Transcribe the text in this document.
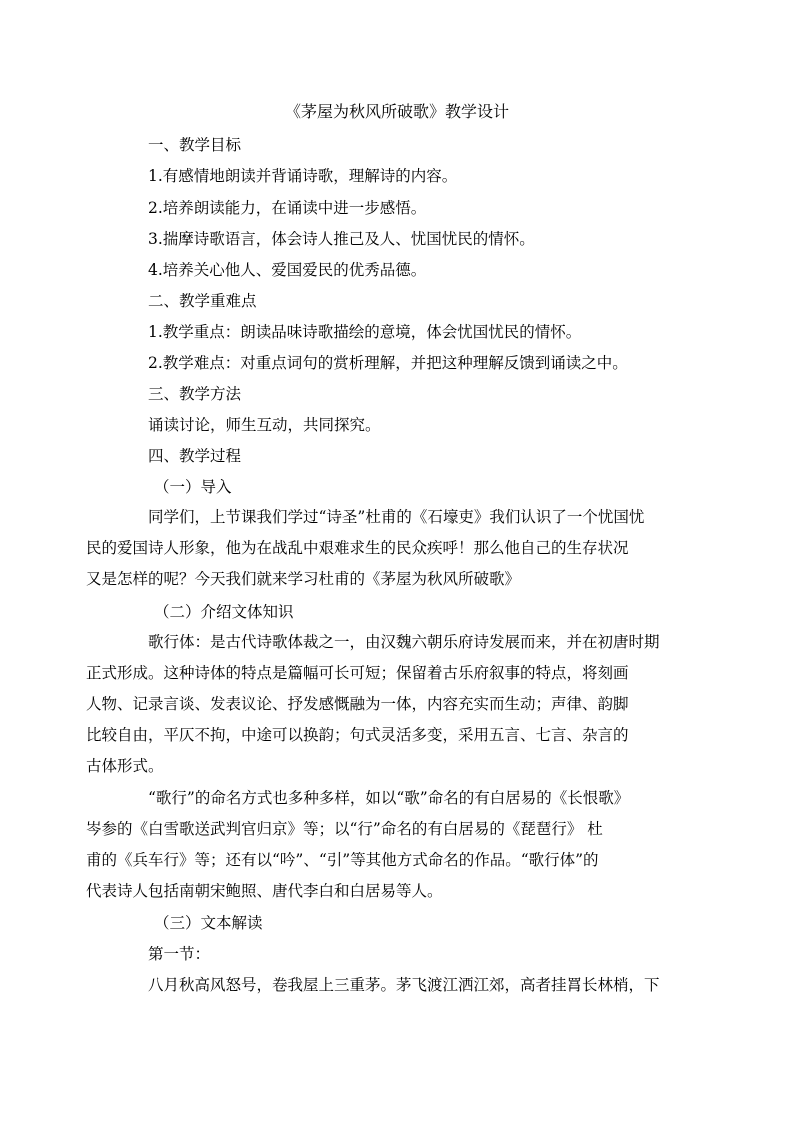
《茅屋为秋风所破歌》教学设计
一、教学目标
1.有感情地朗读并背诵诗歌，理解诗的内容。
2.培养朗读能力，在诵读中进一步感悟。
3.揣摩诗歌语言，体会诗人推己及人、忧国忧民的情怀。
4.培养关心他人、爱国爱民的优秀品德。
二、教学重难点
1.教学重点：朗读品味诗歌描绘的意境，体会忧国忧民的情怀。
2.教学难点：对重点词句的赏析理解，并把这种理解反馈到诵读之中。
三、教学方法
诵读讨论，师生互动，共同探究。
四、教学过程
（一）导入
同学们，上节课我们学过“诗圣”杜甫的《石壕吏》我们认识了一个忧国忧
民的爱国诗人形象，他为在战乱中艰难求生的民众疾呼！那么他自己的生存状况
又是怎样的呢？今天我们就来学习杜甫的《茅屋为秋风所破歌》
（二）介绍文体知识
歌行体：是古代诗歌体裁之一，由汉魏六朝乐府诗发展而来，并在初唐时期
正式形成。这种诗体的特点是篇幅可长可短；保留着古乐府叙事的特点，将刻画
人物、记录言谈、发表议论、抒发感慨融为一体，内容充实而生动；声律、韵脚
比较自由，平仄不拘，中途可以换韵；句式灵活多变，采用五言、七言、杂言的
古体形式。
“歌行”的命名方式也多种多样，如以“歌”命名的有白居易的《长恨歌》
岑参的《白雪歌送武判官归京》等；以“行”命名的有白居易的《琵琶行》 杜
甫的《兵车行》等；还有以“吟”、“引”等其他方式命名的作品。“歌行体”的
代表诗人包括南朝宋鲍照、唐代李白和白居易等人。
（三）文本解读
第一节：
八月秋高风怒号，卷我屋上三重茅。茅飞渡江洒江郊，高者挂罥长林梢，下
